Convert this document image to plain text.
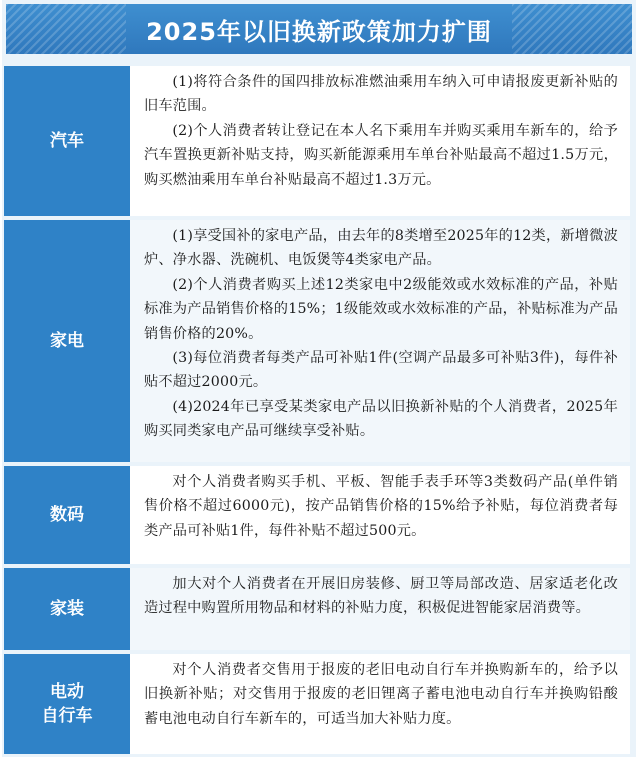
2025年以旧换新政策加力扩围
汽车

(1)将符合条件的国四排放标准燃油乘用车纳入可申请报废更新补贴的旧车范围。

(2)个人消费者转让登记在本人名下乘用车并购买乘用车新车的，给予汽车置换更新补贴支持，购买新能源乘用车单台补贴最高不超过1.5万元，购买燃油乘用车单台补贴最高不超过1.3万元。

家电

(1)享受国补的家电产品，由去年的8类增至2025年的12类，新增微波炉、净水器、洗碗机、电饭煲等4类家电产品。

(2)个人消费者购买上述12类家电中2级能效或水效标准的产品，补贴标准为产品销售价格的15%；1级能效或水效标准的产品，补贴标准为产品销售价格的20%。

(3)每位消费者每类产品可补贴1件(空调产品最多可补贴3件)，每件补贴不超过2000元。

(4)2024年已享受某类家电产品以旧换新补贴的个人消费者，2025年购买同类家电产品可继续享受补贴。

数码

对个人消费者购买手机、平板、智能手表手环等3类数码产品(单件销售价格不超过6000元)，按产品销售价格的15%给予补贴，每位消费者每类产品可补贴1件，每件补贴不超过500元。

家装

加大对个人消费者在开展旧房装修、厨卫等局部改造、居家适老化改造过程中购置所用物品和材料的补贴力度，积极促进智能家居消费等。

电动
自行车

对个人消费者交售用于报废的老旧电动自行车并换购新车的，给予以旧换新补贴；对交售用于报废的老旧锂离子蓄电池电动自行车并换购铅酸蓄电池电动自行车新车的，可适当加大补贴力度。
